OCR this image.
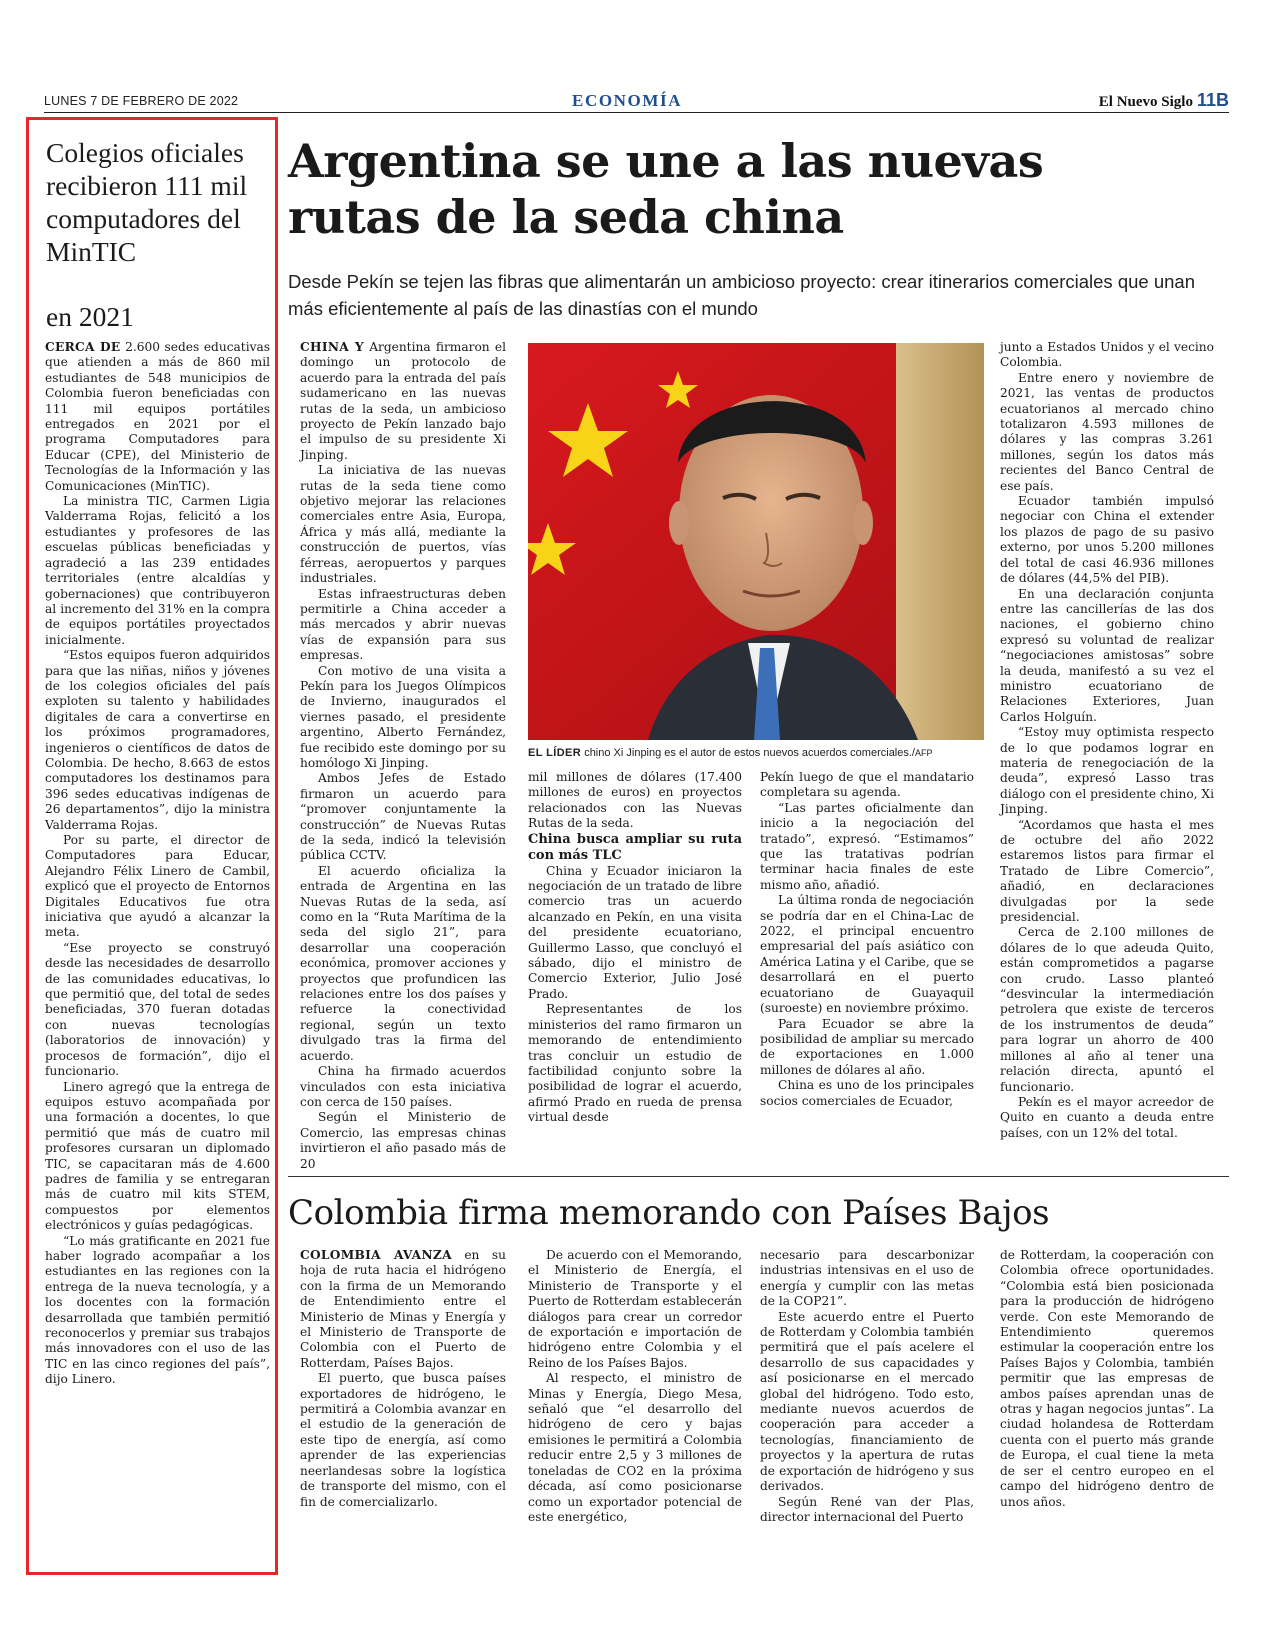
LUNES 7 DE FEBRERO DE 2022	ECONOMÍA	El Nuevo Siglo 11B
Colegios oficiales recibieron 111 mil computadores del MinTIC
en 2021

CERCA DE 2.600 sedes educativas que atienden a más de 860 mil estudiantes de 548 municipios de Colombia fueron beneficiadas con 111 mil equipos portátiles entregados en 2021 por el programa Computadores para Educar (CPE), del Ministerio de Tecnologías de la Información y las Comunicaciones (MinTIC).

La ministra TIC, Carmen Ligia Valderrama Rojas, felicitó a los estudiantes y profesores de las escuelas públicas beneficiadas y agradeció a las 239 entidades territoriales (entre alcaldías y gobernaciones) que contribuyeron al incremento del 31% en la compra de equipos portátiles proyectados inicialmente.

“Estos equipos fueron adquiridos para que las niñas, niños y jóvenes de los colegios oficiales del país exploten su talento y habilidades digitales de cara a convertirse en los próximos programadores, ingenieros o científicos de datos de Colombia. De hecho, 8.663 de estos computadores los destinamos para 396 sedes educativas indígenas de 26 departamentos”, dijo la ministra Valderrama Rojas.

Por su parte, el director de Computadores para Educar, Alejandro Félix Linero de Cambil, explicó que el proyecto de Entornos Digitales Educativos fue otra iniciativa que ayudó a alcanzar la meta.

“Ese proyecto se construyó desde las necesidades de desarrollo de las comunidades educativas, lo que permitió que, del total de sedes beneficiadas, 370 fueran dotadas con nuevas tecnologías (laboratorios de innovación) y procesos de formación”, dijo el funcionario.

Linero agregó que la entrega de equipos estuvo acompañada por una formación a docentes, lo que permitió que más de cuatro mil profesores cursaran un diplomado TIC, se capacitaran más de 4.600 padres de familia y se entregaran más de cuatro mil kits STEM, compuestos por elementos electrónicos y guías pedagógicas.

“Lo más gratificante en 2021 fue haber logrado acompañar a los estudiantes en las regiones con la entrega de la nueva tecnología, y a los docentes con la formación desarrollada que también permitió reconocerlos y premiar sus trabajos más innovadores con el uso de las TIC en las cinco regiones del país”, dijo Linero.

Argentina se une a las nuevas rutas de la seda china
Desde Pekín se tejen las fibras que alimentarán un ambicioso proyecto: crear itinerarios comerciales que unan más eficientemente al país de las dinastías con el mundo

CHINA Y Argentina firmaron el domingo un protocolo de acuerdo para la entrada del país sudamericano en las nuevas rutas de la seda, un ambicioso proyecto de Pekín lanzado bajo el impulso de su presidente Xi Jinping.

La iniciativa de las nuevas rutas de la seda tiene como objetivo mejorar las relaciones comerciales entre Asia, Europa, África y más allá, mediante la construcción de puertos, vías férreas, aeropuertos y parques industriales.

Estas infraestructuras deben permitirle a China acceder a más mercados y abrir nuevas vías de expansión para sus empresas.

Con motivo de una visita a Pekín para los Juegos Olímpicos de Invierno, inaugurados el viernes pasado, el presidente argentino, Alberto Fernández, fue recibido este domingo por su homólogo Xi Jinping.

Ambos Jefes de Estado firmaron un acuerdo para “promover conjuntamente la construcción” de Nuevas Rutas de la seda, indicó la televisión pública CCTV.

El acuerdo oficializa la entrada de Argentina en las Nuevas Rutas de la seda, así como en la “Ruta Marítima de la seda del siglo 21”, para desarrollar una cooperación económica, promover acciones y proyectos que profundicen las relaciones entre los dos países y refuerce la conectividad regional, según un texto divulgado tras la firma del acuerdo.

China ha firmado acuerdos vinculados con esta iniciativa con cerca de 150 países.

Según el Ministerio de Comercio, las empresas chinas invirtieron el año pasado más de 20

EL LÍDER chino Xi Jinping es el autor de estos nuevos acuerdos comerciales./AFP

mil millones de dólares (17.400 millones de euros) en proyectos relacionados con las Nuevas Rutas de la seda.

China busca ampliar su ruta con más TLC

China y Ecuador iniciaron la negociación de un tratado de libre comercio tras un acuerdo alcanzado en Pekín, en una visita del presidente ecuatoriano, Guillermo Lasso, que concluyó el sábado, dijo el ministro de Comercio Exterior, Julio José Prado.

Representantes de los ministerios del ramo firmaron un memorando de entendimiento tras concluir un estudio de factibilidad conjunto sobre la posibilidad de lograr el acuerdo, afirmó Prado en rueda de prensa virtual desde

Pekín luego de que el mandatario completara su agenda.

“Las partes oficialmente dan inicio a la negociación del tratado”, expresó. “Estimamos” que las tratativas podrían terminar hacia finales de este mismo año, añadió.

La última ronda de negociación se podría dar en el China-Lac de 2022, el principal encuentro empresarial del país asiático con América Latina y el Caribe, que se desarrollará en el puerto ecuatoriano de Guayaquil (suroeste) en noviembre próximo.

Para Ecuador se abre la posibilidad de ampliar su mercado de exportaciones en 1.000 millones de dólares al año.

China es uno de los principales socios comerciales de Ecuador,

junto a Estados Unidos y el vecino Colombia.

Entre enero y noviembre de 2021, las ventas de productos ecuatorianos al mercado chino totalizaron 4.593 millones de dólares y las compras 3.261 millones, según los datos más recientes del Banco Central de ese país.

Ecuador también impulsó negociar con China el extender los plazos de pago de su pasivo externo, por unos 5.200 millones del total de casi 46.936 millones de dólares (44,5% del PIB).

En una declaración conjunta entre las cancillerías de las dos naciones, el gobierno chino expresó su voluntad de realizar “negociaciones amistosas” sobre la deuda, manifestó a su vez el ministro ecuatoriano de Relaciones Exteriores, Juan Carlos Holguín.

“Estoy muy optimista respecto de lo que podamos lograr en materia de renegociación de la deuda”, expresó Lasso tras diálogo con el presidente chino, Xi Jinping.

“Acordamos que hasta el mes de octubre del año 2022 estaremos listos para firmar el Tratado de Libre Comercio”, añadió, en declaraciones divulgadas por la sede presidencial.

Cerca de 2.100 millones de dólares de lo que adeuda Quito, están comprometidos a pagarse con crudo. Lasso planteó “desvincular la intermediación petrolera que existe de terceros de los instrumentos de deuda” para lograr un ahorro de 400 millones al año al tener una relación directa, apuntó el funcionario.

Pekín es el mayor acreedor de Quito en cuanto a deuda entre países, con un 12% del total.

Colombia firma memorando con Países Bajos

COLOMBIA AVANZA en su hoja de ruta hacia el hidrógeno con la firma de un Memorando de Entendimiento entre el Ministerio de Minas y Energía y el Ministerio de Transporte de Colombia con el Puerto de Rotterdam, Países Bajos.

El puerto, que busca países exportadores de hidrógeno, le permitirá a Colombia avanzar en el estudio de la generación de este tipo de energía, así como aprender de las experiencias neerlandesas sobre la logística de transporte del mismo, con el fin de comercializarlo.

De acuerdo con el Memorando, el Ministerio de Energía, el Ministerio de Transporte y el Puerto de Rotterdam establecerán diálogos para crear un corredor de exportación e importación de hidrógeno entre Colombia y el Reino de los Países Bajos.

Al respecto, el ministro de Minas y Energía, Diego Mesa, señaló que “el desarrollo del hidrógeno de cero y bajas emisiones le permitirá a Colombia reducir entre 2,5 y 3 millones de toneladas de CO2 en la próxima década, así como posicionarse como un exportador potencial de este energético,

necesario para descarbonizar industrias intensivas en el uso de energía y cumplir con las metas de la COP21”.

Este acuerdo entre el Puerto de Rotterdam y Colombia también permitirá que el país acelere el desarrollo de sus capacidades y así posicionarse en el mercado global del hidrógeno. Todo esto, mediante nuevos acuerdos de cooperación para acceder a tecnologías, financiamiento de proyectos y la apertura de rutas de exportación de hidrógeno y sus derivados.

Según René van der Plas, director internacional del Puerto

de Rotterdam, la cooperación con Colombia ofrece oportunidades. “Colombia está bien posicionada para la producción de hidrógeno verde. Con este Memorando de Entendimiento queremos estimular la cooperación entre los Países Bajos y Colombia, también permitir que las empresas de ambos países aprendan unas de otras y hagan negocios juntas”. La ciudad holandesa de Rotterdam cuenta con el puerto más grande de Europa, el cual tiene la meta de ser el centro europeo en el campo del hidrógeno dentro de unos años.
